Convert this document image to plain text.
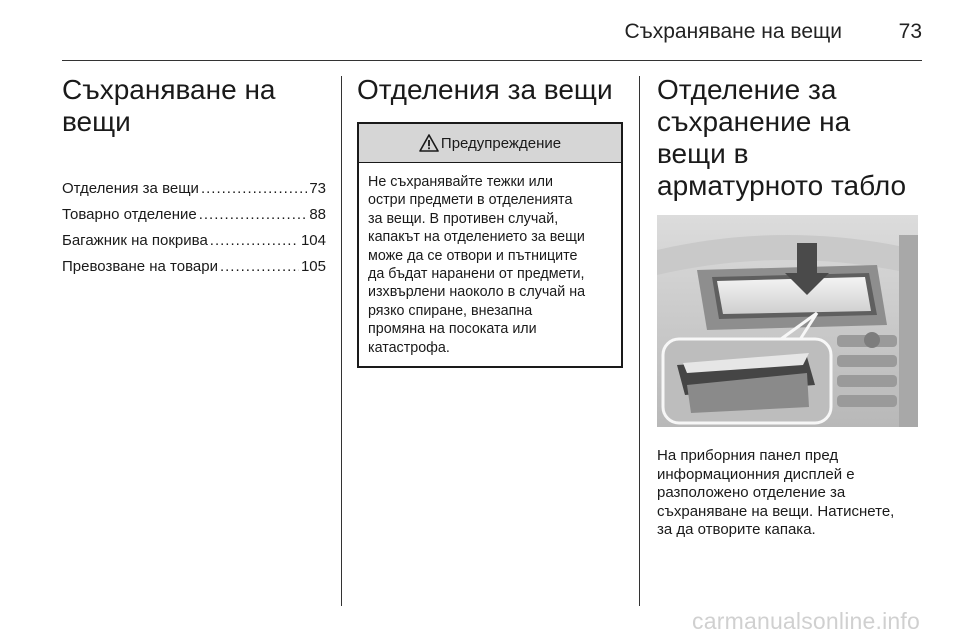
Съхраняване на вещи	73
Съхраняване на вещи
Отделения за вещи .....	73
Товарно отделение .....	88
Багажник на покрива .....	104
Превозване на товари .....	105
Отделения за вещи
Предупреждение
Не съхранявайте тежки или
остри предмети в отделенията
за вещи. В противен случай,
капакът на отделението за вещи
може да се отвори и пътниците
да бъдат наранени от предмети,
изхвърлени наоколо в случай на
рязко спиране, внезапна
промяна на посоката или
катастрофа.
Отделение за
съхранение на вещи в
арматурното табло
На приборния панел пред
информационния дисплей е
разположено отделение за
съхраняване на вещи. Натиснете,
за да отворите капака.
carmanualsonline.info
